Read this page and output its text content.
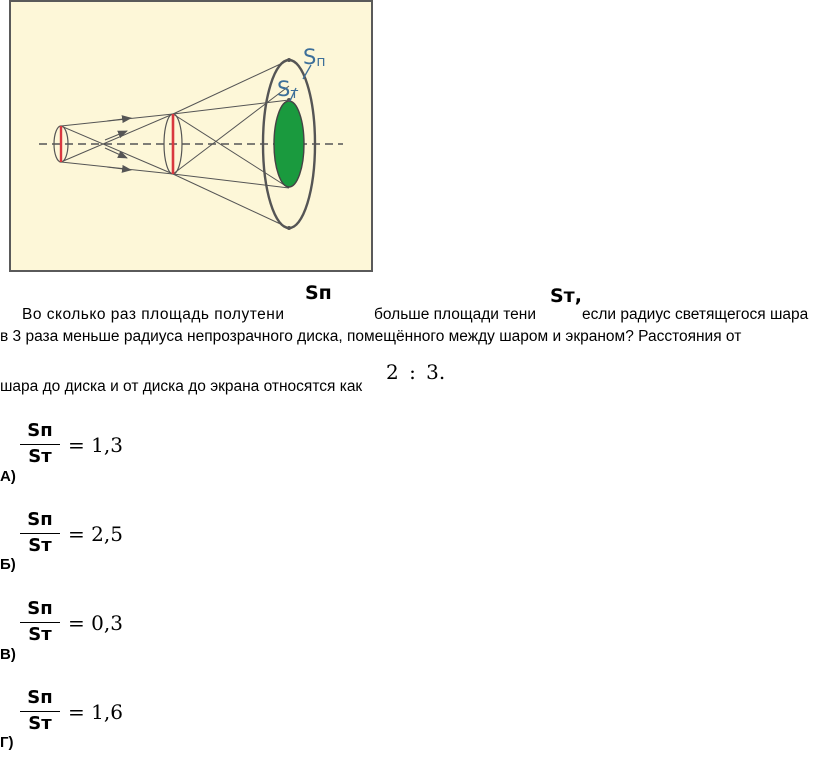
Sп
Sт
Во сколько раз площадь полутени
Sп
больше площади тени
Sт,
если радиус светящегося шара
в 3 раза меньше радиуса непрозрачного диска, помещённого между шаром и экраном? Расстояния от
шара до диска и от диска до экрана относятся как
2 : 3.
А)
Sп
Sт = 1,3
Б)
Sп
Sт = 2,5
В)
Sп
Sт = 0,3
Г)
Sп
Sт = 1,6
